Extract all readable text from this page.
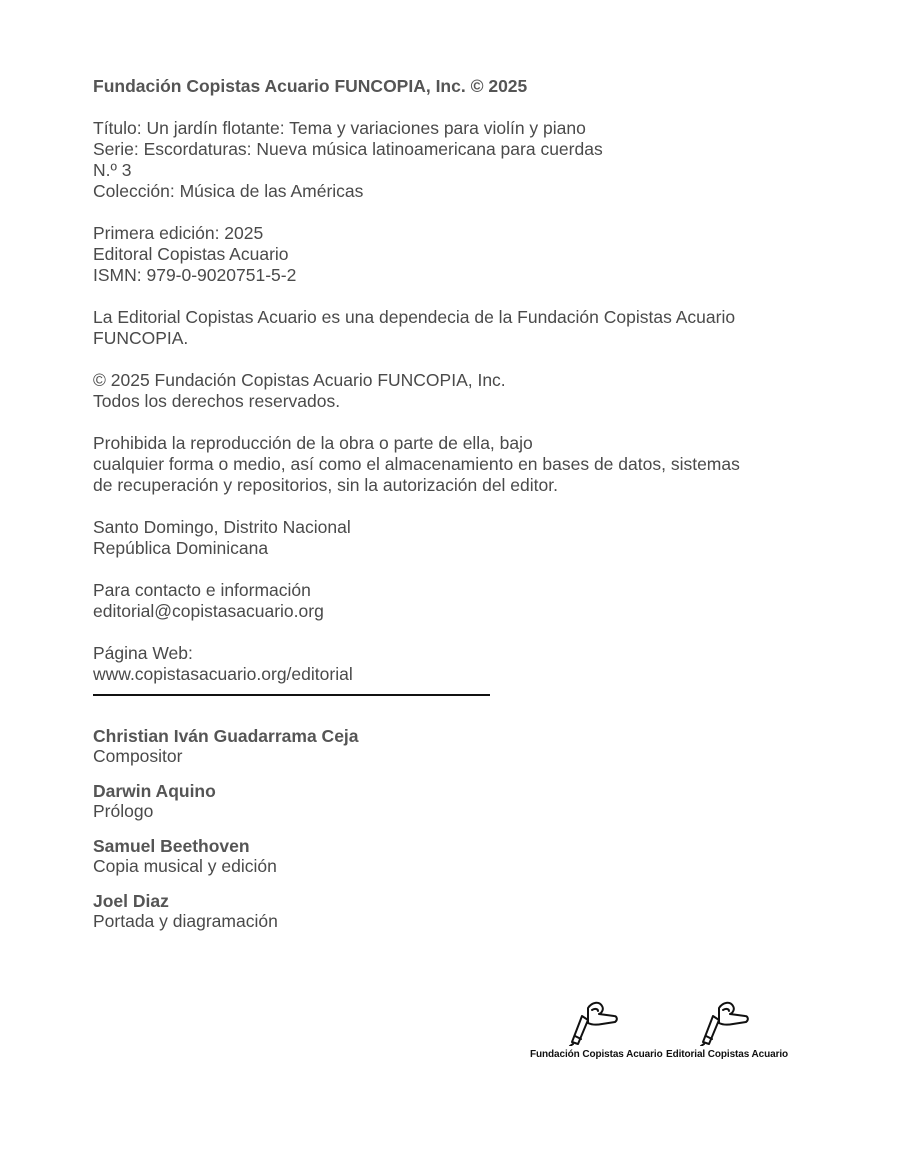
Fundación Copistas Acuario FUNCOPIA, Inc. © 2025

Título: Un jardín flotante: Tema y variaciones para violín y piano

Serie: Escordaturas: Nueva música latinoamericana para cuerdas

N.º 3

Colección: Música de las Américas

Primera edición: 2025

Editoral Copistas Acuario

ISMN: 979-0-9020751-5-2

La Editorial Copistas Acuario es una dependecia de la Fundación Copistas Acuario FUNCOPIA.

© 2025 Fundación Copistas Acuario FUNCOPIA, Inc.

Todos los derechos reservados.

Prohibida la reproducción de la obra o parte de ella, bajo

cualquier forma o medio, así como el almacenamiento en bases de datos, sistemas

de recuperación y repositorios, sin la autorización del editor.

Santo Domingo, Distrito Nacional

República Dominicana

Para contacto e información

editorial@copistasacuario.org

Página Web:

www.copistasacuario.org/editorial

Christian Iván Guadarrama Ceja

Compositor

Darwin Aquino

Prólogo

Samuel Beethoven

Copia musical y edición

Joel Diaz

Portada y diagramación

Fundación Copistas Acuario Editorial Copistas Acuario
